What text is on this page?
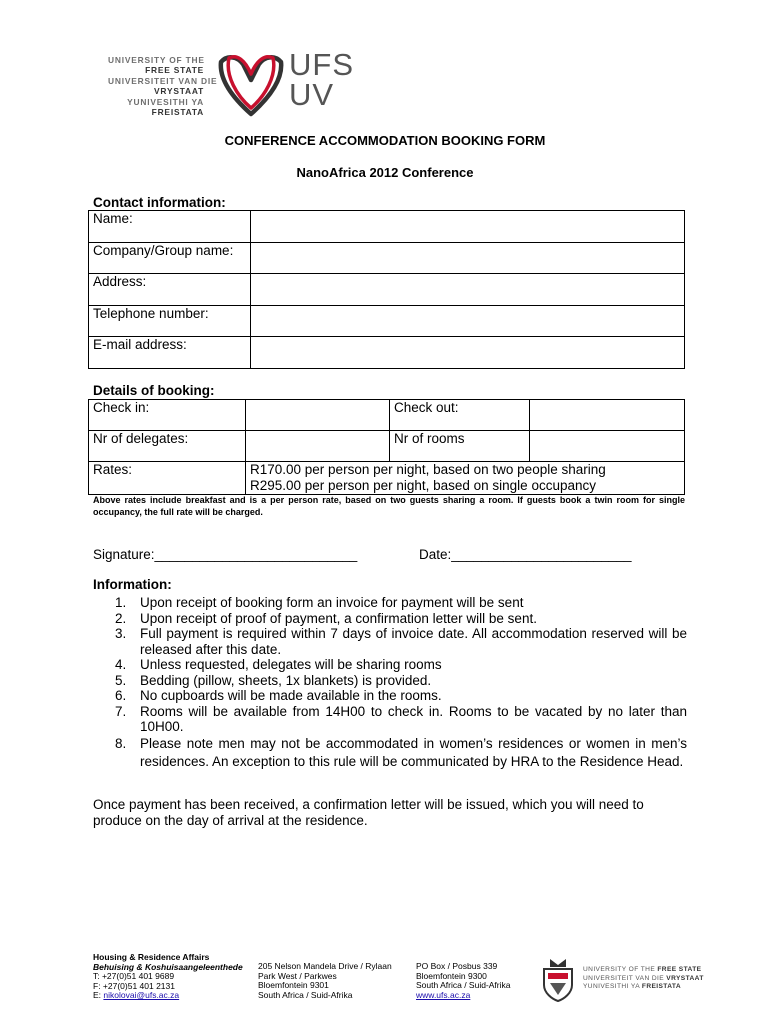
UNIVERSITY OF THE
FREE STATE
UNIVERSITEIT VAN DIE
VRYSTAAT
YUNIVESITHI YA
FREISTATA
UFS
UV
CONFERENCE ACCOMMODATION BOOKING FORM
NanoAfrica 2012 Conference
Contact information:
Name:	
Company/Group name:	
Address:	
Telephone number:	
E-mail address:	
Details of booking:
Check in:		Check out:	
Nr of delegates:		Nr of rooms	
Rates:	R170.00 per person per night, based on two people sharing
R295.00 per person per night, based on single occupancy		
Above rates include breakfast and is a per person rate, based on two guests sharing a room. If guests book a twin room for single occupancy, the full rate will be charged.
Signature:___________________________	Date:________________________
Information:
1. Upon receipt of booking form an invoice for payment will be sent
2. Upon receipt of proof of payment, a confirmation letter will be sent.
3. Full payment is required within 7 days of invoice date. All accommodation reserved will be released after this date.
4. Unless requested, delegates will be sharing rooms
5. Bedding (pillow, sheets, 1x blankets) is provided.
6. No cupboards will be made available in the rooms.
7. Rooms will be available from 14H00 to check in. Rooms to be vacated by no later than 10H00.
8. Please note men may not be accommodated in women’s residences or women in men’s residences. An exception to this rule will be communicated by HRA to the Residence Head.
Once payment has been received, a confirmation letter will be issued, which you will need to produce on the day of arrival at the residence.
Housing & Residence Affairs
Behuising & Koshuisaangeleenthede
T: +27(0)51 401 9689
F: +27(0)51 401 2131
E: nikolovai@ufs.ac.za
205 Nelson Mandela Drive / Rylaan
Park West / Parkwes
Bloemfontein 9301
South Africa / Suid-Afrika
PO Box / Posbus 339
Bloemfontein 9300
South Africa / Suid-Afrika
www.ufs.ac.za
UNIVERSITY OF THE FREE STATE
UNIVERSITEIT VAN DIE VRYSTAAT
YUNIVESITHI YA FREISTATA
